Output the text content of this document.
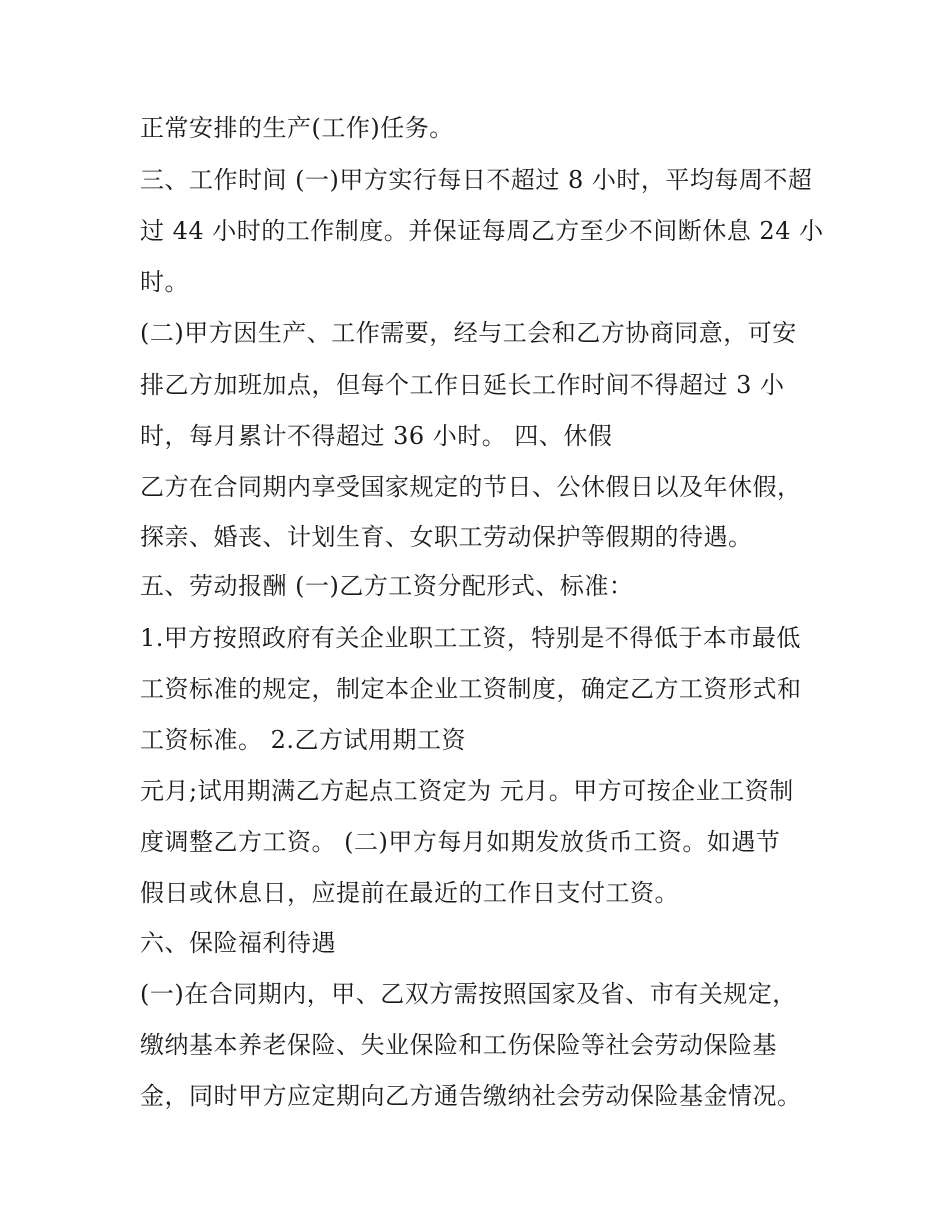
正常安排的生产(工作)任务。
三、工作时间 (一)甲方实行每日不超过 8 小时，平均每周不超
过 44 小时的工作制度。并保证每周乙方至少不间断休息 24 小
时。
(二)甲方因生产、工作需要，经与工会和乙方协商同意，可安
排乙方加班加点，但每个工作日延长工作时间不得超过 3 小
时，每月累计不得超过 36 小时。 四、休假
乙方在合同期内享受国家规定的节日、公休假日以及年休假，
探亲、婚丧、计划生育、女职工劳动保护等假期的待遇。
五、劳动报酬 (一)乙方工资分配形式、标准：
1.甲方按照政府有关企业职工工资，特别是不得低于本市最低
工资标准的规定，制定本企业工资制度，确定乙方工资形式和
工资标准。 2.乙方试用期工资
元月;试用期满乙方起点工资定为 元月。甲方可按企业工资制
度调整乙方工资。 (二)甲方每月如期发放货币工资。如遇节
假日或休息日，应提前在最近的工作日支付工资。
六、保险福利待遇
(一)在合同期内，甲、乙双方需按照国家及省、市有关规定，
缴纳基本养老保险、失业保险和工伤保险等社会劳动保险基
金，同时甲方应定期向乙方通告缴纳社会劳动保险基金情况。
